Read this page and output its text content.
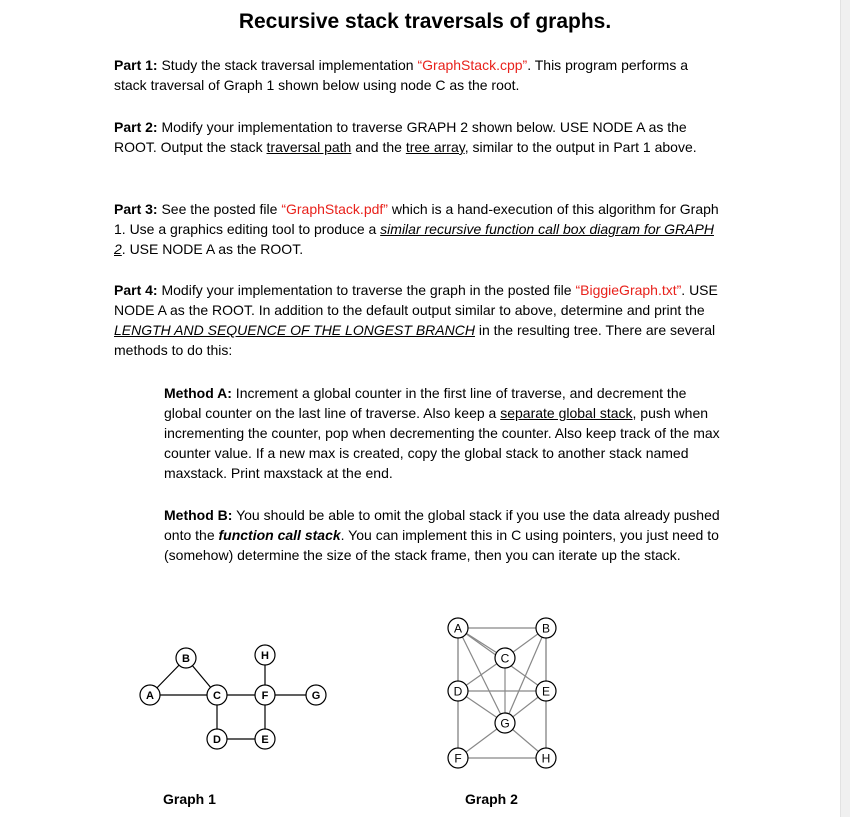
Recursive stack traversals of graphs.
Part 1: Study the stack traversal implementation “GraphStack.cpp”. This program performs a stack traversal of Graph 1 shown below using node C as the root.
Part 2: Modify your implementation to traverse GRAPH 2 shown below. USE NODE A as the ROOT. Output the stack traversal path and the tree array, similar to the output in Part 1 above.
Part 3: See the posted file “GraphStack.pdf” which is a hand-execution of this algorithm for Graph 1. Use a graphics editing tool to produce a similar recursive function call box diagram for GRAPH 2. USE NODE A as the ROOT.
Part 4: Modify your implementation to traverse the graph in the posted file “BiggieGraph.txt”. USE NODE A as the ROOT. In addition to the default output similar to above, determine and print the LENGTH AND SEQUENCE OF THE LONGEST BRANCH in the resulting tree. There are several methods to do this:
Method A: Increment a global counter in the first line of traverse, and decrement the global counter on the last line of traverse. Also keep a separate global stack, push when incrementing the counter, pop when decrementing the counter. Also keep track of the max counter value. If a new max is created, copy the global stack to another stack named maxstack. Print maxstack at the end.
Method B: You should be able to omit the global stack if you use the data already pushed onto the function call stack. You can implement this in C using pointers, you just need to (somehow) determine the size of the stack frame, then you can iterate up the stack.
A
B
C
D	E
F	G
H
A	B
C
D	E
F
G
H
Graph 1	Graph 2
